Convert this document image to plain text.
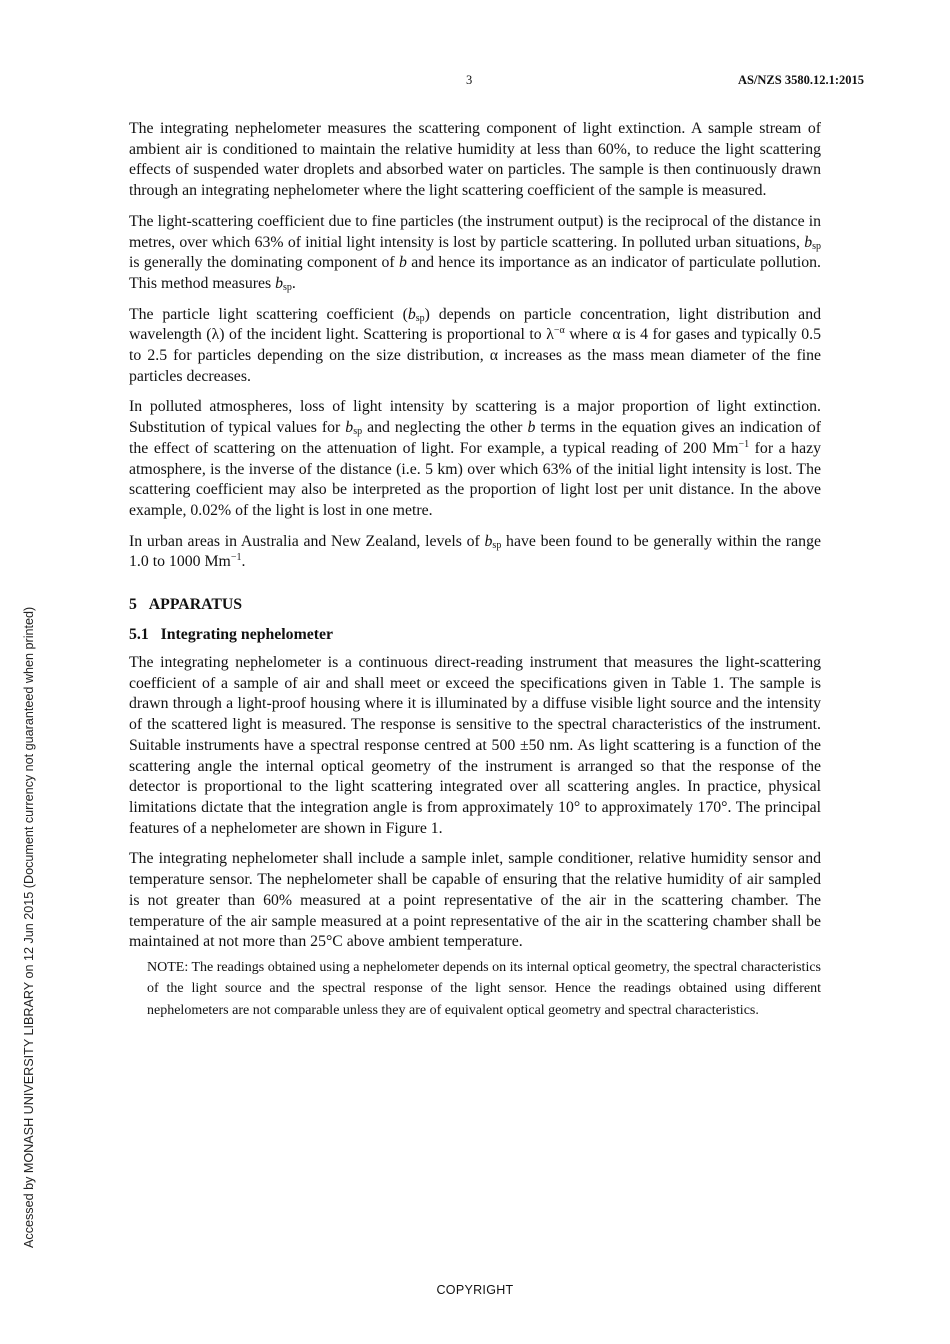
3	AS/NZS 3580.12.1:2015
Accessed by MONASH UNIVERSITY LIBRARY on 12 Jun 2015 (Document currency not guaranteed when printed)

The integrating nephelometer measures the scattering component of light extinction. A sample stream of ambient air is conditioned to maintain the relative humidity at less than 60%, to reduce the light scattering effects of suspended water droplets and absorbed water on particles. The sample is then continuously drawn through an integrating nephelometer where the light scattering coefficient of the sample is measured.

The light-scattering coefficient due to fine particles (the instrument output) is the reciprocal of the distance in metres, over which 63% of initial light intensity is lost by particle scattering. In polluted urban situations, $b_{sp}$ is generally the dominating component of b and hence its importance as an indicator of particulate pollution. This method measures $b_{sp}$.

The particle light scattering coefficient $(b_{sp})$ depends on particle concentration, light distribution and wavelength (λ) of the incident light. Scattering is proportional to $\lambda^{-\alpha}$ where α is 4 for gases and typically 0.5 to 2.5 for particles depending on the size distribution, α increases as the mass mean diameter of the fine particles decreases.

In polluted atmospheres, loss of light intensity by scattering is a major proportion of light extinction. Substitution of typical values for $b_{sp}$ and neglecting the other b terms in the equation gives an indication of the effect of scattering on the attenuation of light. For example, a typical reading of 200 $Mm^{-1}$ for a hazy atmosphere, is the inverse of the distance (i.e. 5 km) over which 63% of the initial light intensity is lost. The scattering coefficient may also be interpreted as the proportion of light lost per unit distance. In the above example, 0.02% of the light is lost in one metre.

In urban areas in Australia and New Zealand, levels of $b_{sp}$ have been found to be generally within the range 1.0 to 1000 $Mm^{-1}$.

5 APPARATUS
5.1 Integrating nephelometer

The integrating nephelometer is a continuous direct-reading instrument that measures the light-scattering coefficient of a sample of air and shall meet or exceed the specifications given in Table 1. The sample is drawn through a light-proof housing where it is illuminated by a diffuse visible light source and the intensity of the scattered light is measured. The response is sensitive to the spectral characteristics of the instrument. Suitable instruments have a spectral response centred at 500 ±50 nm. As light scattering is a function of the scattering angle the internal optical geometry of the instrument is arranged so that the response of the detector is proportional to the light scattering integrated over all scattering angles. In practice, physical limitations dictate that the integration angle is from approximately 10° to approximately 170°. The principal features of a nephelometer are shown in Figure 1.

The integrating nephelometer shall include a sample inlet, sample conditioner, relative humidity sensor and temperature sensor. The nephelometer shall be capable of ensuring that the relative humidity of air sampled is not greater than 60% measured at a point representative of the air in the scattering chamber. The temperature of the air sample measured at a point representative of the air in the scattering chamber shall be maintained at not more than 25°C above ambient temperature.

NOTE: The readings obtained using a nephelometer depends on its internal optical geometry, the spectral characteristics of the light source and the spectral response of the light sensor. Hence the readings obtained using different nephelometers are not comparable unless they are of equivalent optical geometry and spectral characteristics.

COPYRIGHT
